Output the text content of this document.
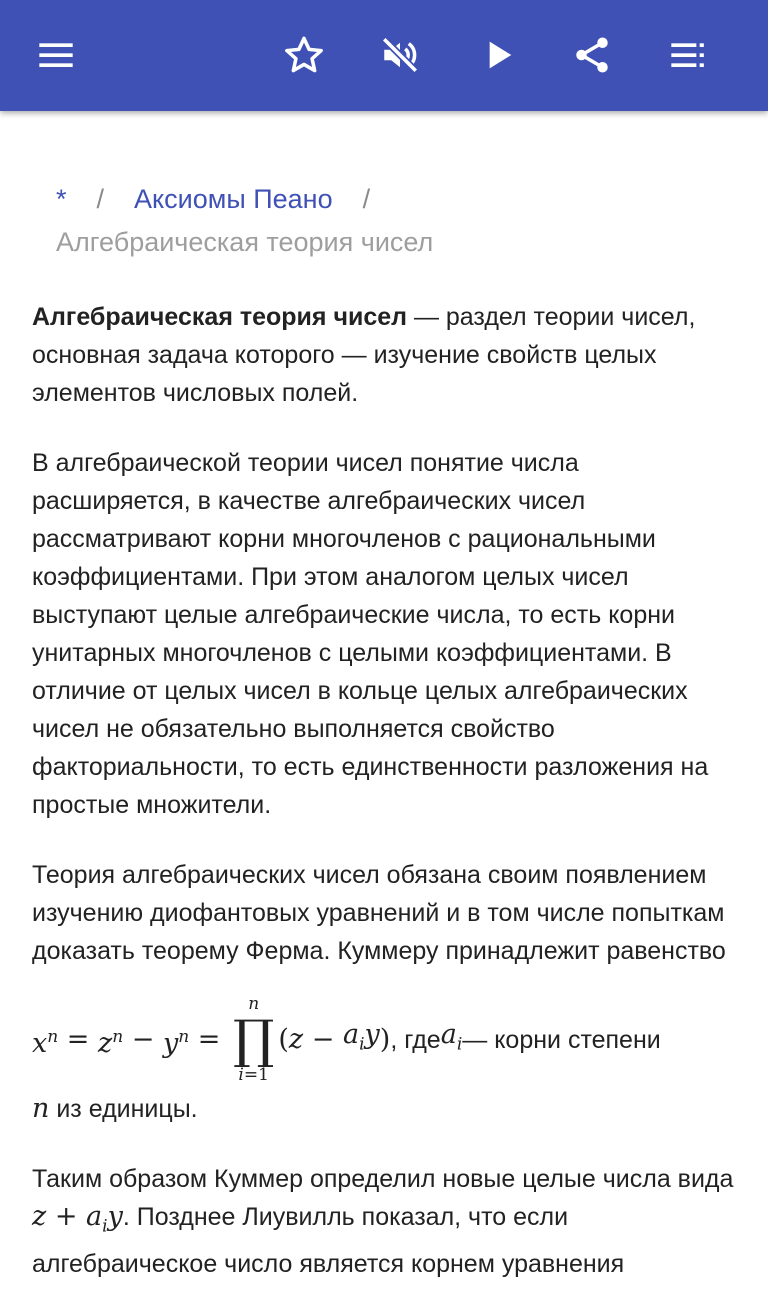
* / Аксиомы Пеано /
Алгебраическая теория чисел

Алгебраическая теория чисел — раздел теории чисел, основная задача которого — изучение свойств целых элементов числовых полей.

В алгебраической теории чисел понятие числа расширяется, в качестве алгебраических чисел рассматривают корни многочленов с рациональными коэффициентами. При этом аналогом целых чисел выступают целые алгебраические числа, то есть корни унитарных многочленов с целыми коэффициентами. В отличие от целых чисел в кольце целых алгебраических чисел не обязательно выполняется свойство факториальности, то есть единственности разложения на простые множители.

Теория алгебраических чисел обязана своим появлением изучению диофантовых уравнений и в том числе попыткам доказать теорему Ферма. Куммеру принадлежит равенство

$x^n = z^n - y^n$ =
n
∏
i=1
( $z - a_iy$ ) , где $a_i$ — корни степени

n из единицы.

Таким образом Куммер определил новые целые числа вида $z + a_iy$. Позднее Лиувилль показал, что если алгебраическое число является корнем уравнения
